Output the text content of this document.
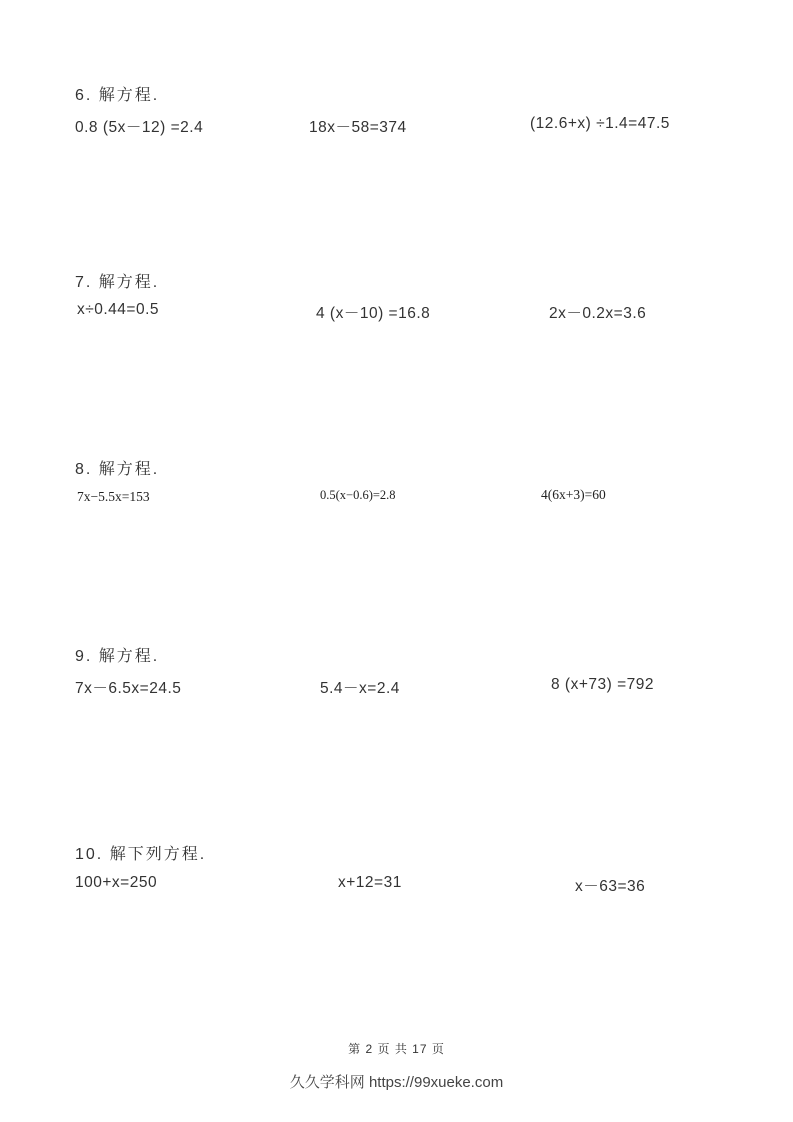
6. 解方程.
0.8 (5x－12) =2.4	18x－58=374	(12.6+x) ÷1.4=47.5
7. 解方程.
x÷0.44=0.5	4 (x－10) =16.8	2x－0.2x=3.6
8. 解方程.
7x−5.5x=153	0.5(x−0.6)=2.8	4(6x+3)=60
9. 解方程.
7x－6.5x=24.5	5.4－x=2.4	8 (x+73) =792
10. 解下列方程.
100+x=250	x+12=31	x－63=36
第 2 页 共 17 页
久久学科网 https://99xueke.com
